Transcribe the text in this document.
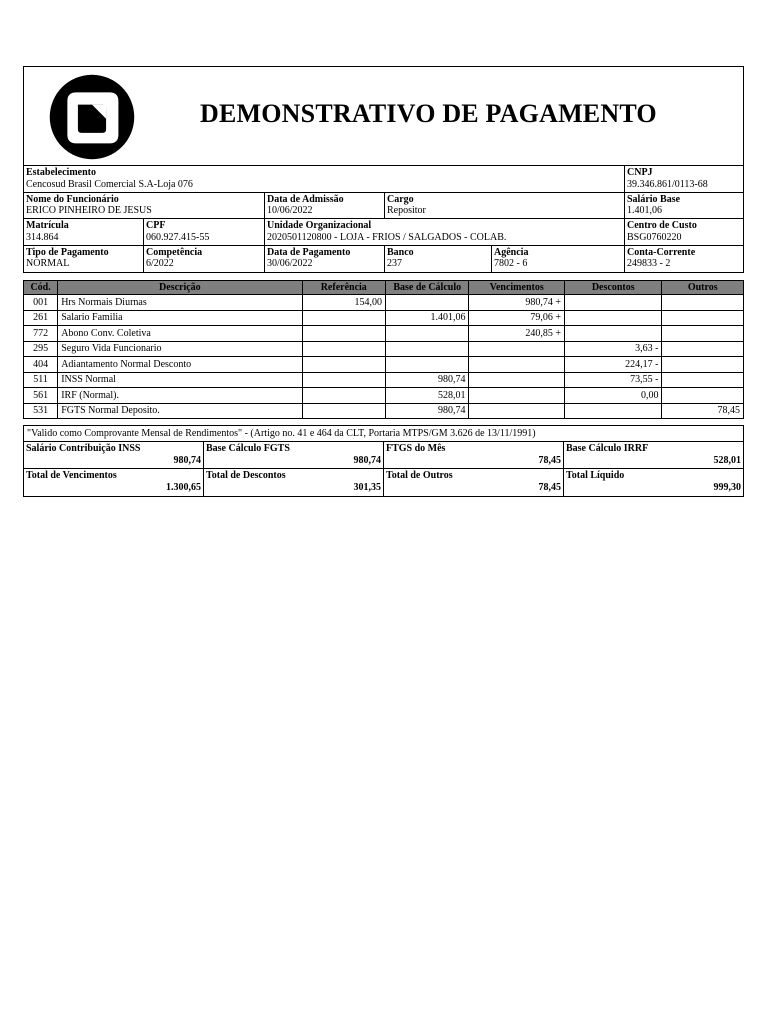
DEMONSTRATIVO DE PAGAMENTO
Estabelecimento
Cencosud Brasil Comercial S.A-Loja 076
CNPJ
39.346.861/0113-68
Nome do Funcionário
ERICO PINHEIRO DE JESUS
Data de Admissão
10/06/2022
Cargo
Repositor
Salário Base
1.401,06
Matrícula
314.864
CPF
060.927.415-55
Unidade Organizacional
2020501120800 - LOJA - FRIOS / SALGADOS - COLAB.
Centro de Custo
BSG0760220
Tipo de Pagamento
NORMAL
Competência
6/2022
Data de Pagamento
30/06/2022
Banco
237
Agência
7802 - 6
Conta-Corrente
249833 - 2
Cód.	Descrição	Referência	Base de Cálculo	Vencimentos	Descontos	Outros
001	Hrs Normais Diurnas	154,00		980,74 +		
261	Salario Familia		1.401,06	79,06 +		
772	Abono Conv. Coletiva			240,85 +		
295	Seguro Vida Funcionario				3,63 -	
404	Adiantamento Normal Desconto				224,17 -	
511	INSS Normal		980,74		73,55 -	
561	IRF (Normal).		528,01		0,00	
531	FGTS Normal Deposito.		980,74			78,45
"Valido como Comprovante Mensal de Rendimentos" - (Artigo no. 41 e 464 da CLT, Portaria MTPS/GM 3.626 de 13/11/1991)
Salário Contribuição INSS
980,74
Base Cálculo FGTS
980,74
FTGS do Mês
78,45
Base Cálculo IRRF
528,01
Total de Vencimentos
1.300,65
Total de Descontos
301,35
Total de Outros
78,45
Total Líquido
999,30
